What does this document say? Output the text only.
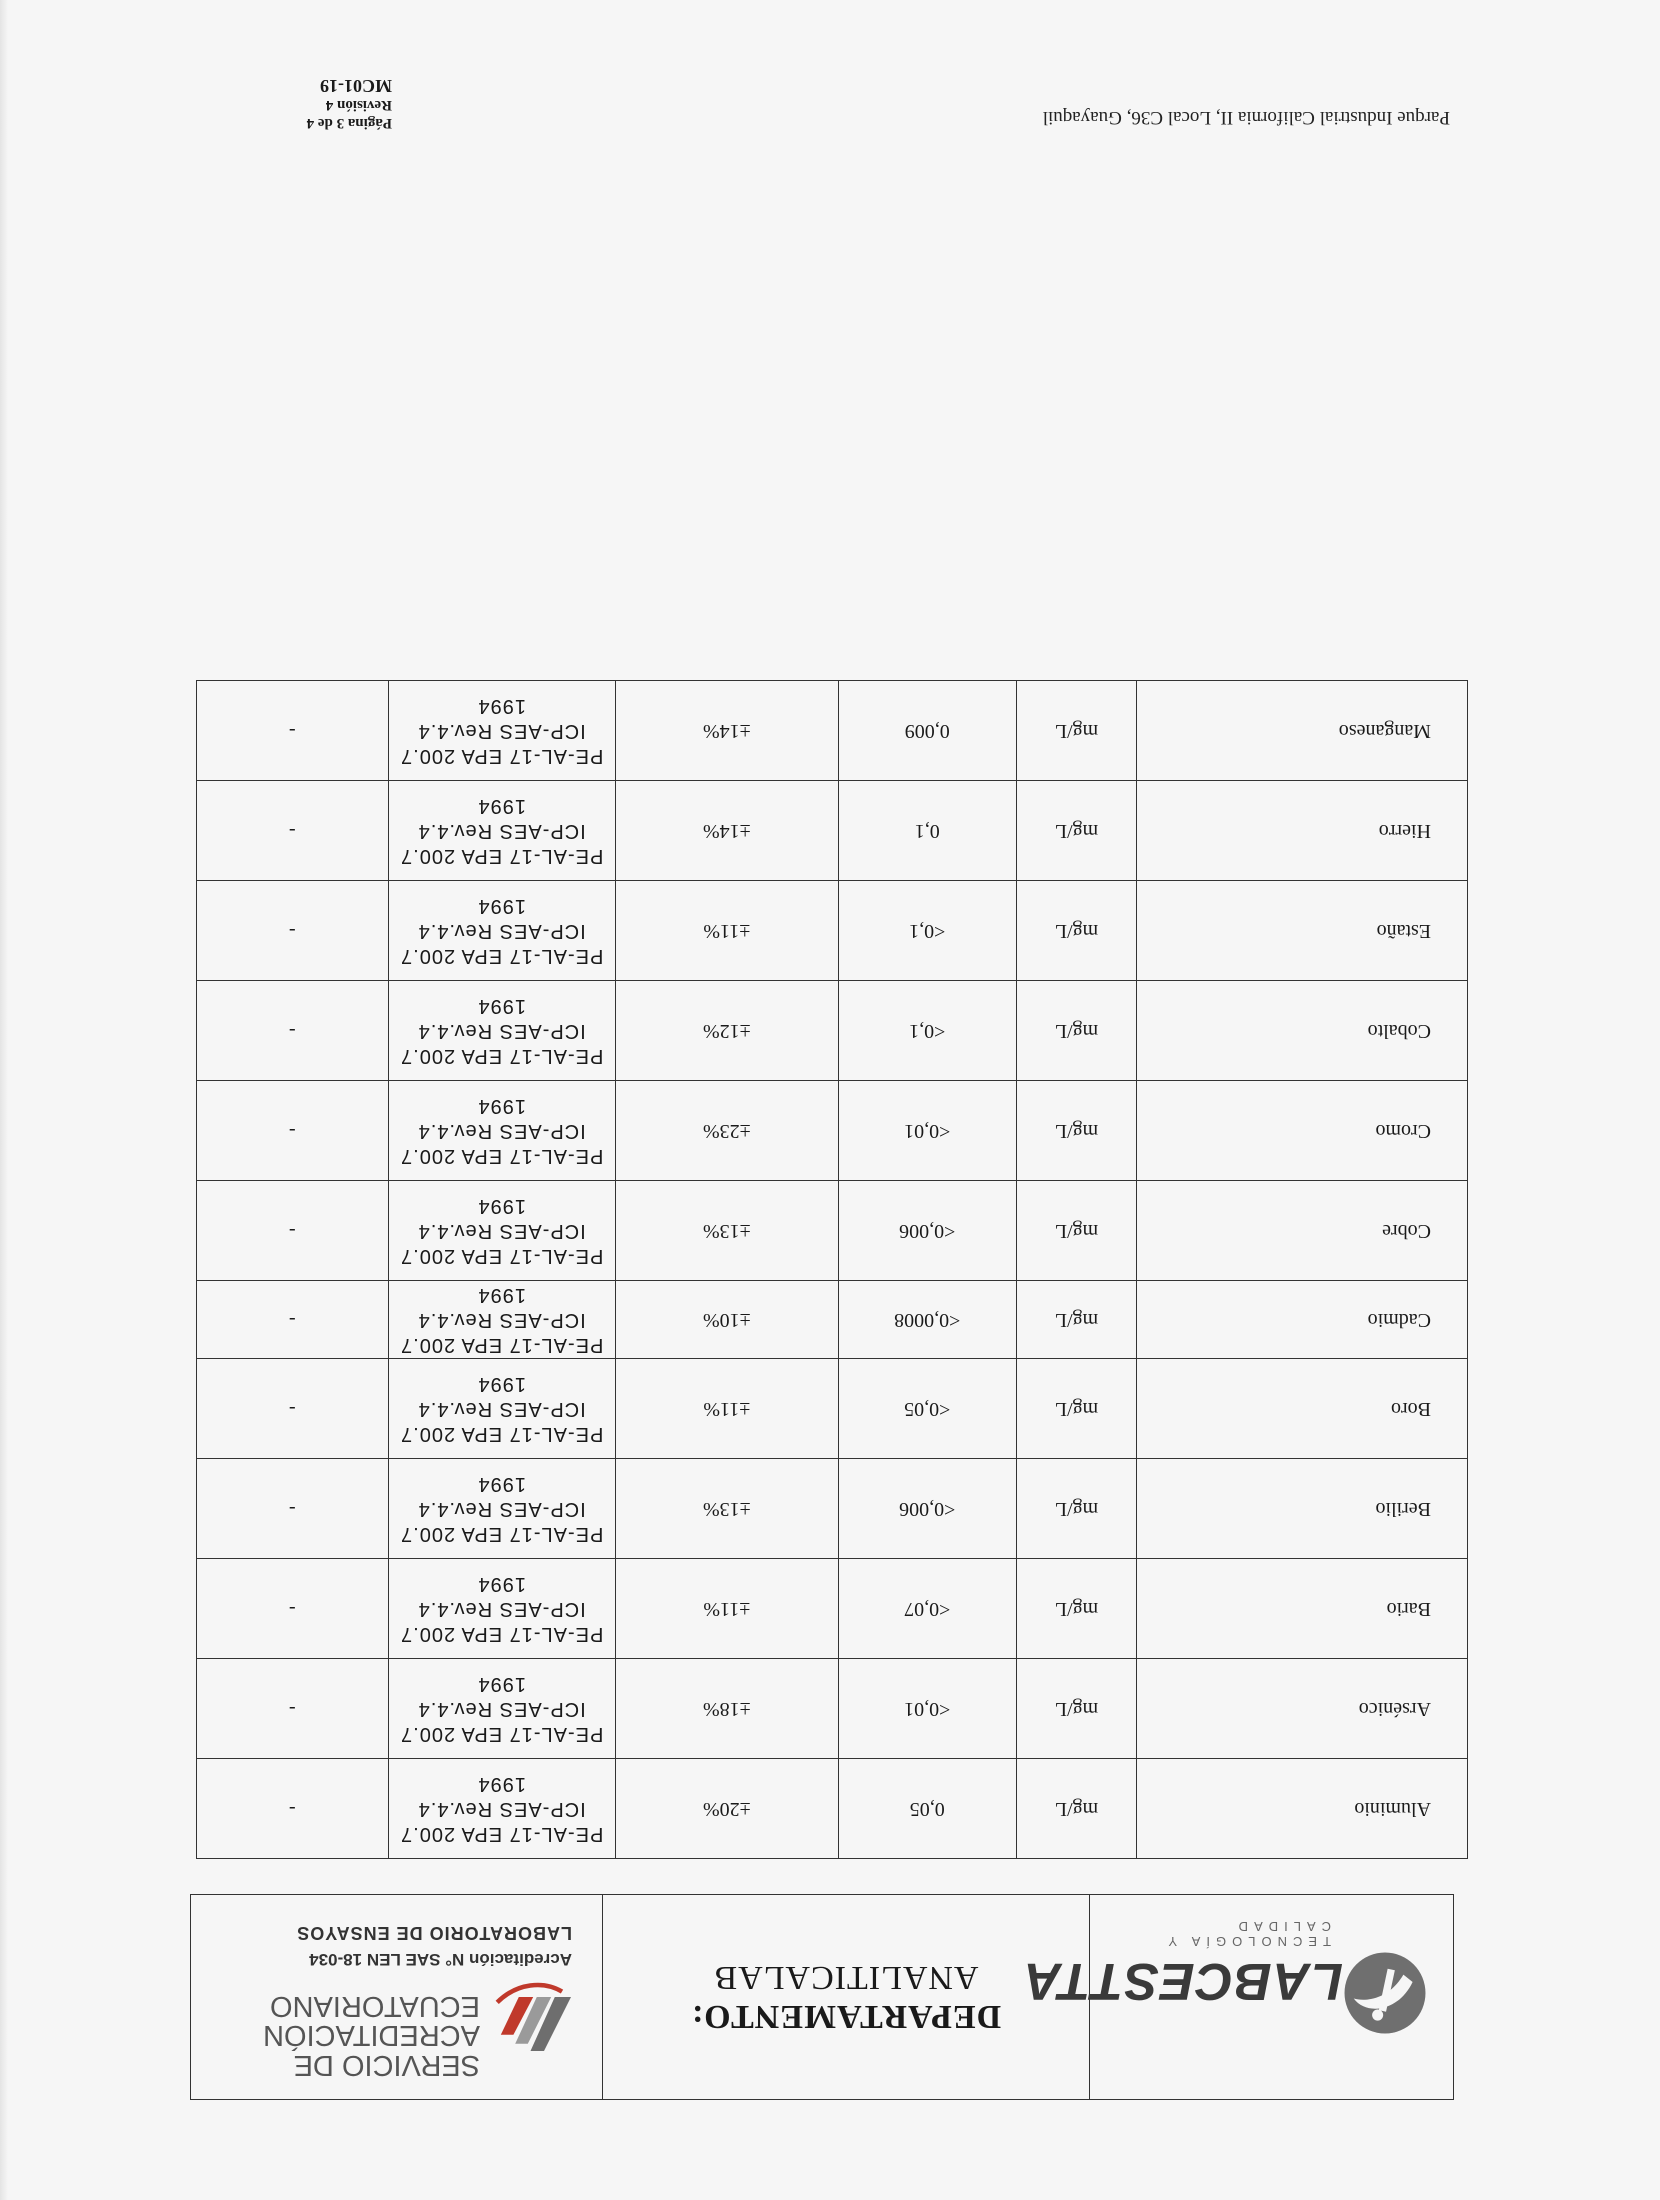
LABCESTTA
TECNOLOGÍA Y CALIDAD
DEPARTAMENTO:
ANALITICALAB
SERVICIO DE ACREDITACIÓN ECUATORIANO
Acreditación N° SAE LEN 18-034
LABORATORIO DE ENSAYOS
Aluminio	mg/L	0,05	±20%	PE-AL-17 EPA 200.7
ICP-AES Rev.4.4
1994	-
Arsénico	mg/L	<0,01	±18%	PE-AL-17 EPA 200.7
ICP-AES Rev.4.4
1994	-
Bario	mg/L	<0,07	±11%	PE-AL-17 EPA 200.7
ICP-AES Rev.4.4
1994	-
Berilio	mg/L	<0,006	±13%	PE-AL-17 EPA 200.7
ICP-AES Rev.4.4
1994	-
Boro	mg/L	<0,05	±11%	PE-AL-17 EPA 200.7
ICP-AES Rev.4.4
1994	-
Cadmio	mg/L	<0,0008	±10%	PE-AL-17 EPA 200.7
ICP-AES Rev.4.4
1994	-
Cobre	mg/L	<0,006	±13%	PE-AL-17 EPA 200.7
ICP-AES Rev.4.4
1994	-
Cromo	mg/L	<0,01	±23%	PE-AL-17 EPA 200.7
ICP-AES Rev.4.4
1994	-
Cobalto	mg/L	<0,1	±12%	PE-AL-17 EPA 200.7
ICP-AES Rev.4.4
1994	-
Estaño	mg/L	<0,1	±11%	PE-AL-17 EPA 200.7
ICP-AES Rev.4.4
1994	-
Hierro	mg/L	0,1	±14%	PE-AL-17 EPA 200.7
ICP-AES Rev.4.4
1994	-
Manganeso	mg/L	0,009	±14%	PE-AL-17 EPA 200.7
ICP-AES Rev.4.4
1994	-
Parque Industrial California II, Local C36, Guayaquil
Página 3 de 4
Revisión 4
MC01-19
